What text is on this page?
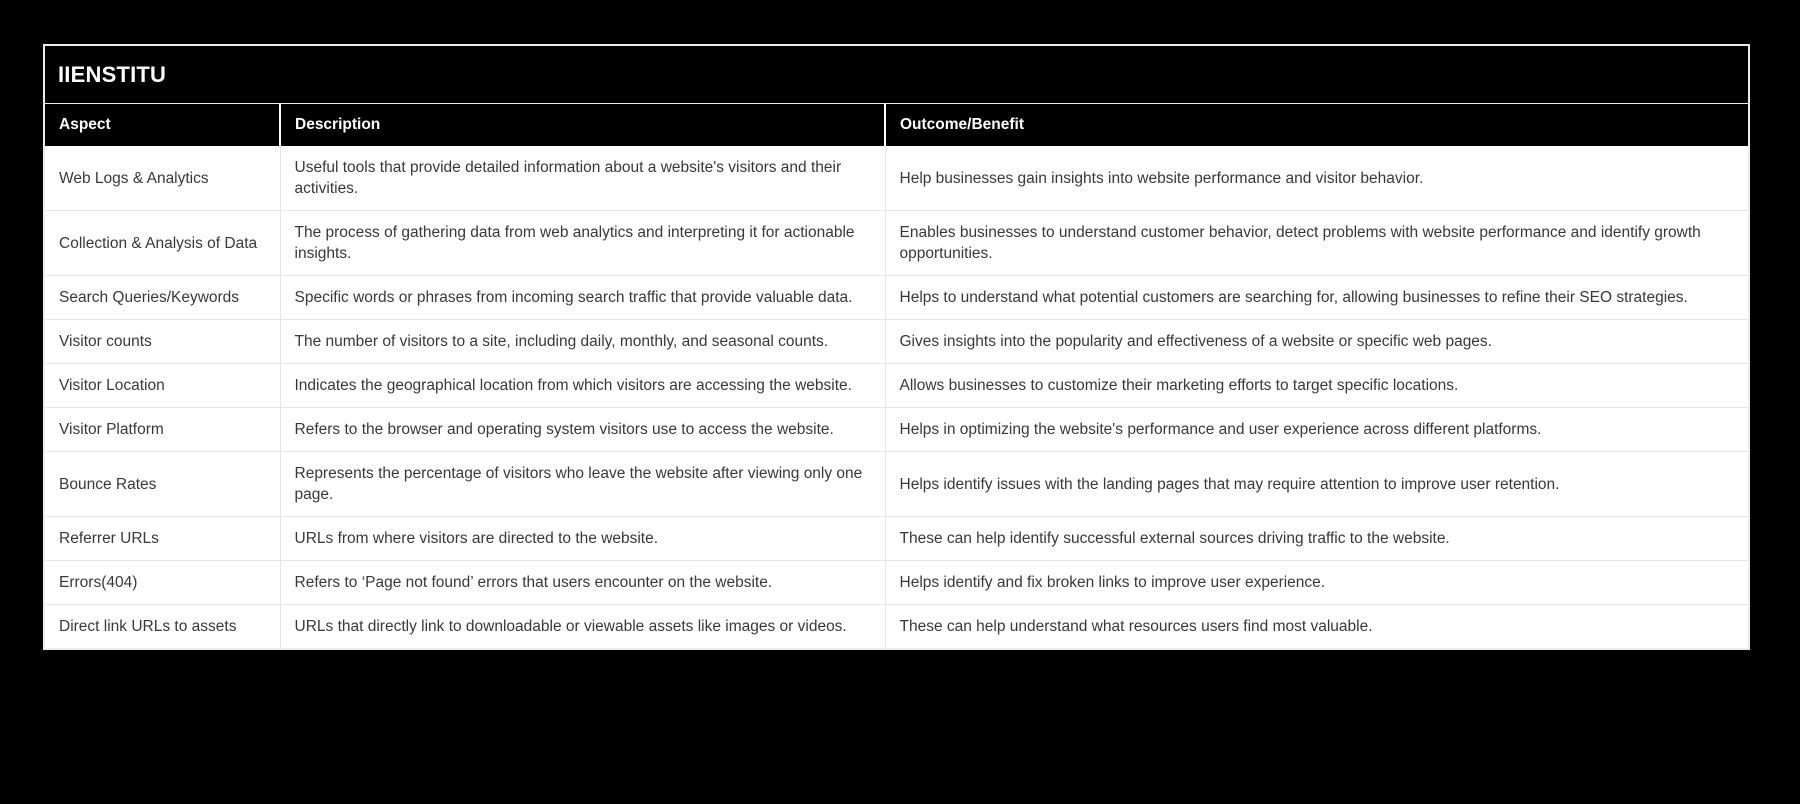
IIENSTITU
Aspect	Description	Outcome/Benefit
Web Logs & Analytics	Useful tools that provide detailed information about a website's visitors and their activities.	Help businesses gain insights into website performance and visitor behavior.
Collection & Analysis of Data	The process of gathering data from web analytics and interpreting it for actionable insights.	Enables businesses to understand customer behavior, detect problems with website performance and identify growth opportunities.
Search Queries/Keywords	Specific words or phrases from incoming search traffic that provide valuable data.	Helps to understand what potential customers are searching for, allowing businesses to refine their SEO strategies.
Visitor counts	The number of visitors to a site, including daily, monthly, and seasonal counts.	Gives insights into the popularity and effectiveness of a website or specific web pages.
Visitor Location	Indicates the geographical location from which visitors are accessing the website.	Allows businesses to customize their marketing efforts to target specific locations.
Visitor Platform	Refers to the browser and operating system visitors use to access the website.	Helps in optimizing the website's performance and user experience across different platforms.
Bounce Rates	Represents the percentage of visitors who leave the website after viewing only one page.	Helps identify issues with the landing pages that may require attention to improve user retention.
Referrer URLs	URLs from where visitors are directed to the website.	These can help identify successful external sources driving traffic to the website.
Errors(404)	Refers to ‘Page not found’ errors that users encounter on the website.	Helps identify and fix broken links to improve user experience.
Direct link URLs to assets	URLs that directly link to downloadable or viewable assets like images or videos.	These can help understand what resources users find most valuable.
